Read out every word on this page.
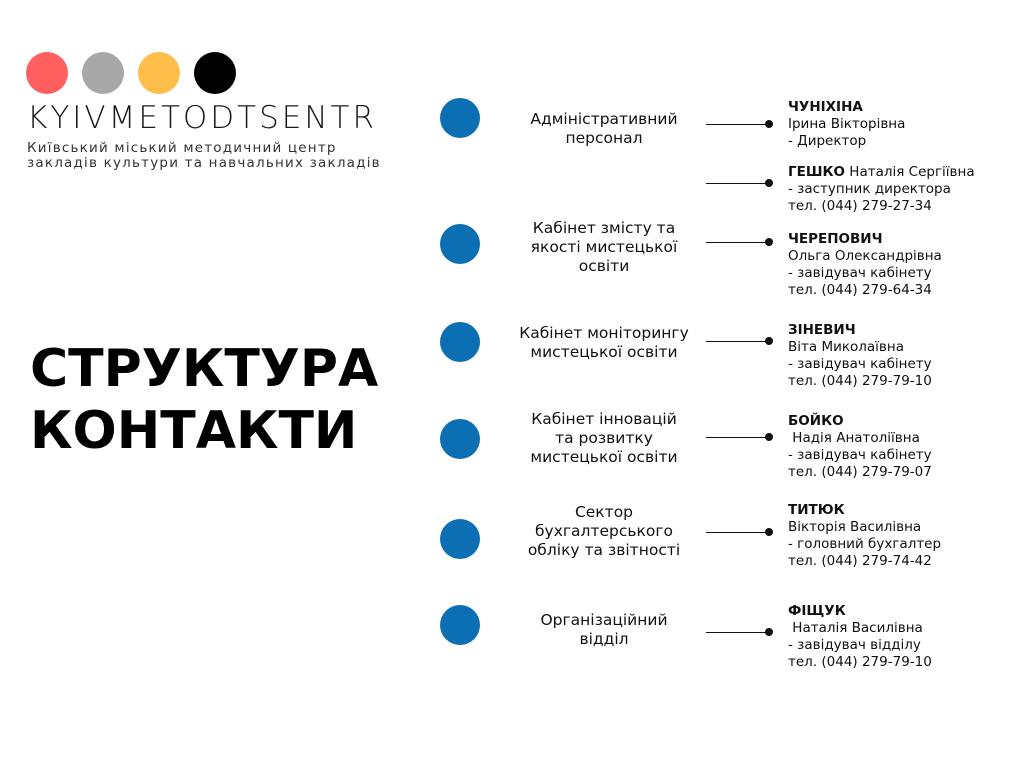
KYIVMETODTSENTR
Київський міський методичний центр
закладів культури та навчальних закладів
СТРУКТУРА
КОНТАКТИ
Адміністративний
персонал
Кабінет змісту та
якості мистецької
освіти
Кабінет моніторингу
мистецької освіти
Кабінет інновацій
та розвитку
мистецької освіти
Сектор
бухгалтерського
обліку та звітності
Організаційний
відділ
ЧУНІХІНА
Ірина Вікторівна
- Директор
ГЕШКО Наталія Сергіївна
- заступник директора
тел. (044) 279-27-34
ЧЕРЕПОВИЧ
Ольга Олександрівна
- завідувач кабінету
тел. (044) 279-64-34
ЗІНЕВИЧ
Віта Миколаївна
- завідувач кабінету
тел. (044) 279-79-10
БОЙКО
Надія Анатоліївна
- завідувач кабінету
тел. (044) 279-79-07
ТИТЮК
Вікторія Василівна
- головний бухгалтер
тел. (044) 279-74-42
ФІЩУК
Наталія Василівна
- завідувач відділу
тел. (044) 279-79-10
